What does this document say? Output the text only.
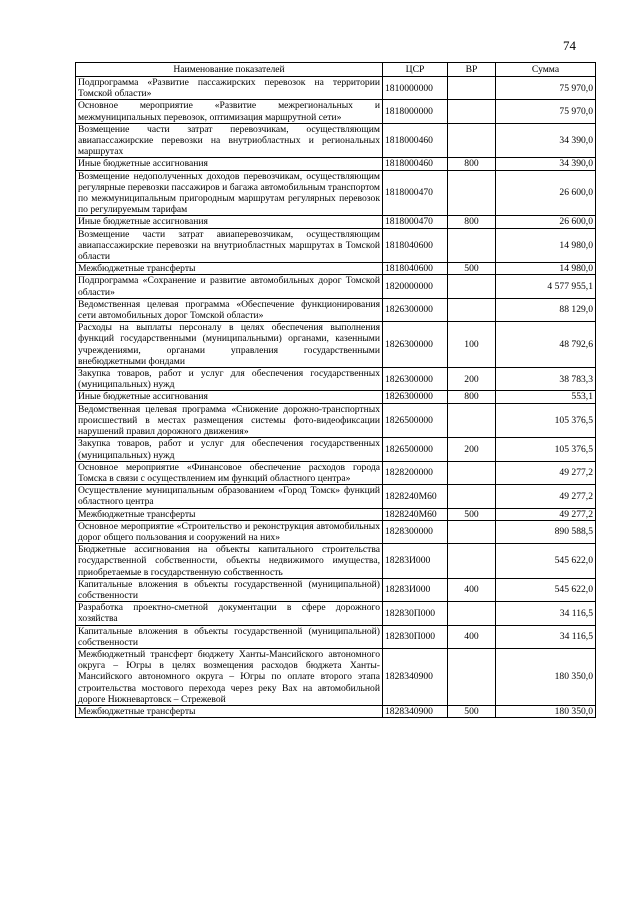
74
Наименование показателей	ЦСР	ВР	Сумма
Подпрограмма «Развитие пассажирских перевозок на территории Томской области»	1810000000		75 970,0
Основное мероприятие «Развитие межрегиональных и межмуниципальных перевозок, оптимизация маршрутной сети»	1818000000		75 970,0
Возмещение части затрат перевозчикам, осуществляющим авиапассажирские перевозки на внутриобластных и региональных маршрутах	1818000460		34 390,0
Иные бюджетные ассигнования	1818000460	800	34 390,0
Возмещение недополученных доходов перевозчикам, осуществляющим регулярные перевозки пассажиров и багажа автомобильным транспортом по межмуниципальным пригородным маршрутам регулярных перевозок по регулируемым тарифам	1818000470		26 600,0
Иные бюджетные ассигнования	1818000470	800	26 600,0
Возмещение части затрат авиаперевозчикам, осуществляющим авиапассажирские перевозки на внутриобластных маршрутах в Томской области	1818040600		14 980,0
Межбюджетные трансферты	1818040600	500	14 980,0
Подпрограмма «Сохранение и развитие автомобильных дорог Томской области»	1820000000		4 577 955,1
Ведомственная целевая программа «Обеспечение функционирования сети автомобильных дорог Томской области»	1826300000		88 129,0
Расходы на выплаты персоналу в целях обеспечения выполнения функций государственными (муниципальными) органами, казенными учреждениями, органами управления государственными внебюджетными фондами	1826300000	100	48 792,6
Закупка товаров, работ и услуг для обеспечения государственных (муниципальных) нужд	1826300000	200	38 783,3
Иные бюджетные ассигнования	1826300000	800	553,1
Ведомственная целевая программа «Снижение дорожно-транспортных происшествий в местах размещения системы фото-видеофиксации нарушений правил дорожного движения»	1826500000		105 376,5
Закупка товаров, работ и услуг для обеспечения государственных (муниципальных) нужд	1826500000	200	105 376,5
Основное мероприятие «Финансовое обеспечение расходов города Томска в связи с осуществлением им функций областного центра»	1828200000		49 277,2
Осуществление муниципальным образованием «Город Томск» функций областного центра	1828240М60		49 277,2
Межбюджетные трансферты	1828240М60	500	49 277,2
Основное мероприятие «Строительство и реконструкция автомобильных дорог общего пользования и сооружений на них»	1828300000		890 588,5
Бюджетные ассигнования на объекты капитального строительства государственной собственности, объекты недвижимого имущества, приобретаемые в государственную собственность	18283И000		545 622,0
Капитальные вложения в объекты государственной (муниципальной) собственности	18283И000	400	545 622,0
Разработка проектно-сметной документации в сфере дорожного хозяйства	182830П000		34 116,5
Капитальные вложения в объекты государственной (муниципальной) собственности	182830П000	400	34 116,5
Межбюджетный трансферт бюджету Ханты-Мансийского автономного округа – Югры в целях возмещения расходов бюджета Ханты-Мансийского автономного округа – Югры по оплате второго этапа строительства мостового перехода через реку Вах на автомобильной дороге Нижневартовск – Стрежевой	1828340900		180 350,0
Межбюджетные трансферты	1828340900	500	180 350,0
